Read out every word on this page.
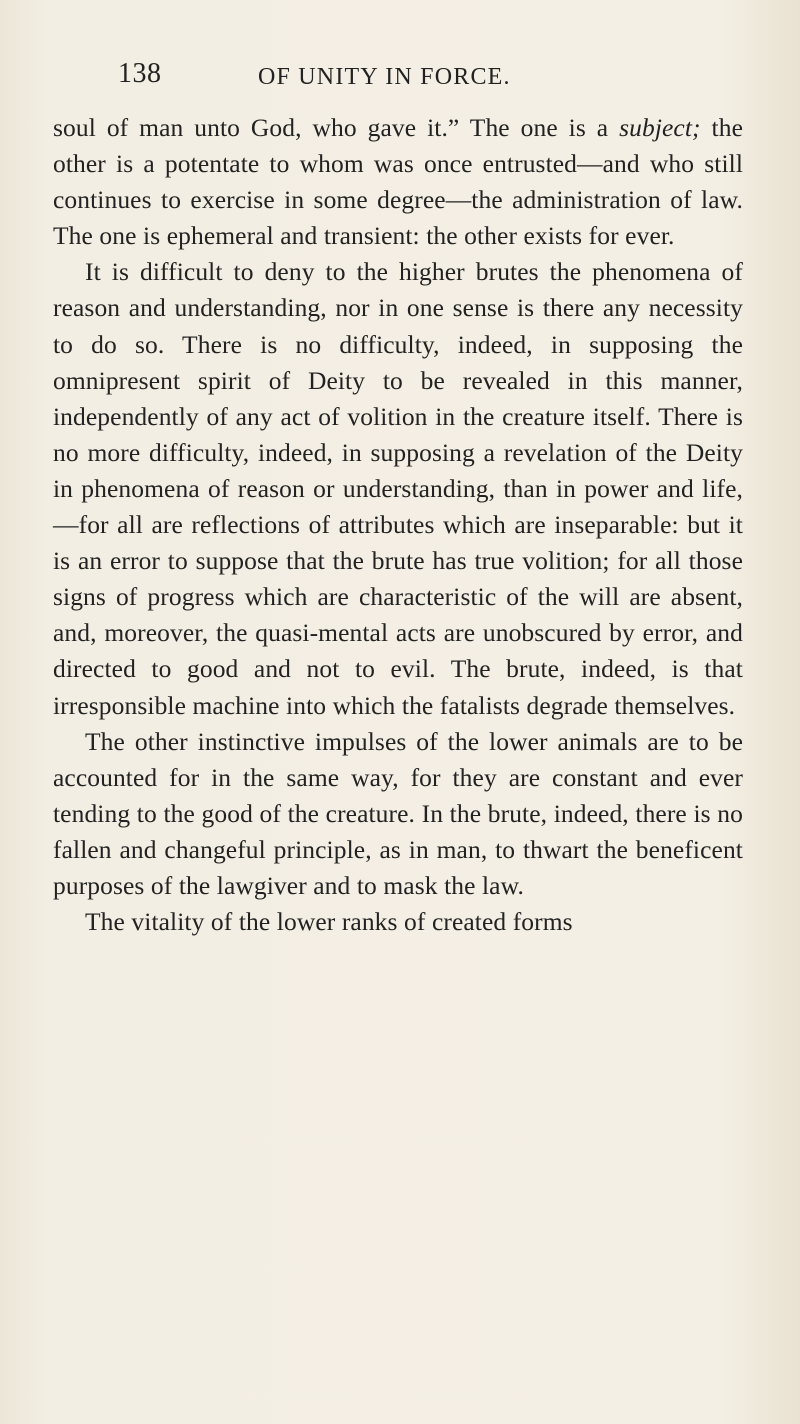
138	OF UNITY IN FORCE.

soul of man unto God, who gave it.” The one is a subject; the other is a potentate to whom was once entrusted—and who still continues to exercise in some degree—the administration of law. The one is ephemeral and transient: the other exists for ever.

It is difficult to deny to the higher brutes the phenomena of reason and understanding, nor in one sense is there any necessity to do so. There is no difficulty, indeed, in supposing the omnipresent spirit of Deity to be revealed in this manner, independently of any act of volition in the creature itself. There is no more difficulty, indeed, in supposing a revelation of the Deity in phenomena of reason or understanding, than in power and life,—for all are reflections of attributes which are inseparable: but it is an error to suppose that the brute has true volition; for all those signs of progress which are characteristic of the will are absent, and, moreover, the quasi-mental acts are unobscured by error, and directed to good and not to evil. The brute, indeed, is that irresponsible machine into which the fatalists degrade themselves.

The other instinctive impulses of the lower animals are to be accounted for in the same way, for they are constant and ever tending to the good of the creature. In the brute, indeed, there is no fallen and changeful principle, as in man, to thwart the beneficent purposes of the lawgiver and to mask the law.

The vitality of the lower ranks of created forms
